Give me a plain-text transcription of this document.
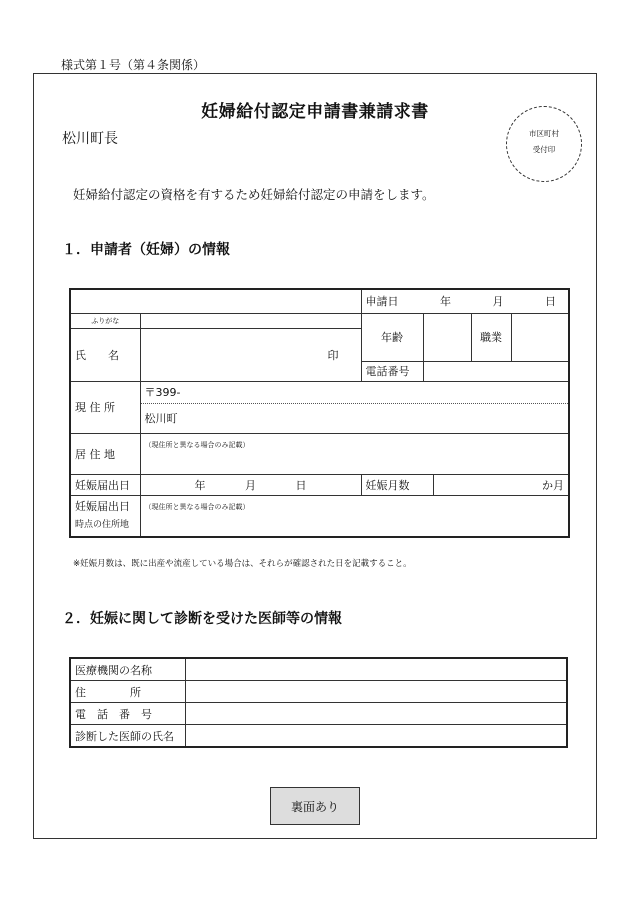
様式第１号（第４条関係）
妊婦給付認定申請書兼請求書
松川町長	市区町村
受付印
妊婦給付認定の資格を有するため妊婦給付認定の申請をします。
１．申請者（妊婦）の情報
		申請日 年 月 日				
ふりがな		年齢			職業	
氏　　名	印					
		電話番号				
現 住 所	〒399-
松川町					

居 住 地	（現住所と異なる場合のみ記載）					
妊娠届出日	年 月 日	妊娠月数		か月		

妊娠届出日
時点の住所地	（現住所と異なる場合のみ記載）					
※妊娠月数は、既に出産や流産している場合は、それらが確認された日を記載すること。
２．妊娠に関して診断を受けた医師等の情報
医療機関の名称	
住　　　　所	
電　話　番　号	
診断した医師の氏名	
裏面あり
